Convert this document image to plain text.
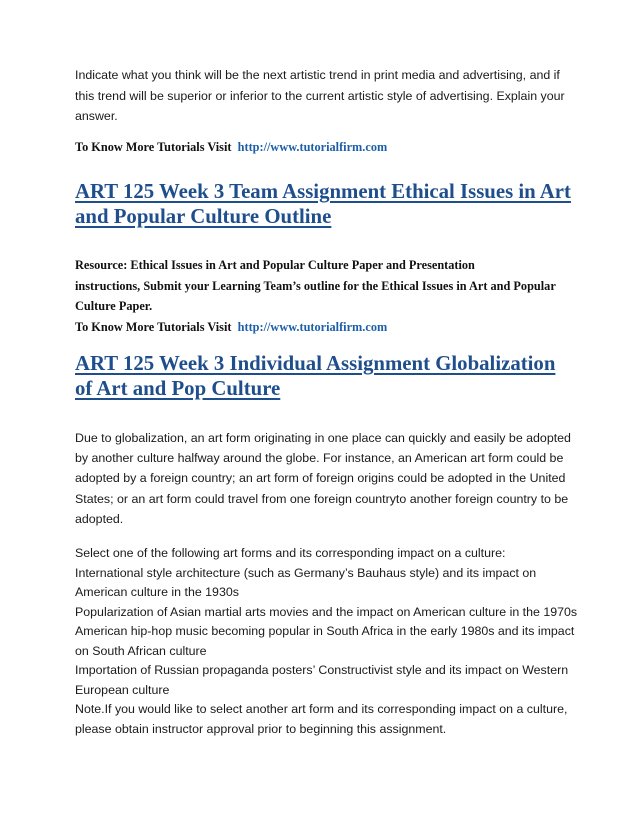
Indicate what you think will be the next artistic trend in print media and advertising, and if
this trend will be superior or inferior to the current artistic style of advertising. Explain your
answer.
To Know More Tutorials Visit http://www.tutorialfirm.com
ART 125 Week 3 Team Assignment Ethical Issues in Art
and Popular Culture Outline
Resource: Ethical Issues in Art and Popular Culture Paper and Presentation
instructions, Submit your Learning Team’s outline for the Ethical Issues in Art and Popular
Culture Paper.
To Know More Tutorials Visit http://www.tutorialfirm.com
ART 125 Week 3 Individual Assignment Globalization
of Art and Pop Culture
Due to globalization, an art form originating in one place can quickly and easily be adopted
by another culture halfway around the globe. For instance, an American art form could be
adopted by a foreign country; an art form of foreign origins could be adopted in the United
States; or an art form could travel from one foreign countryto another foreign country to be
adopted.
Select one of the following art forms and its corresponding impact on a culture:
International style architecture (such as Germany’s Bauhaus style) and its impact on
American culture in the 1930s
Popularization of Asian martial arts movies and the impact on American culture in the 1970s
American hip-hop music becoming popular in South Africa in the early 1980s and its impact
on South African culture
Importation of Russian propaganda posters’ Constructivist style and its impact on Western
European culture
Note.If you would like to select another art form and its corresponding impact on a culture,
please obtain instructor approval prior to beginning this assignment.
